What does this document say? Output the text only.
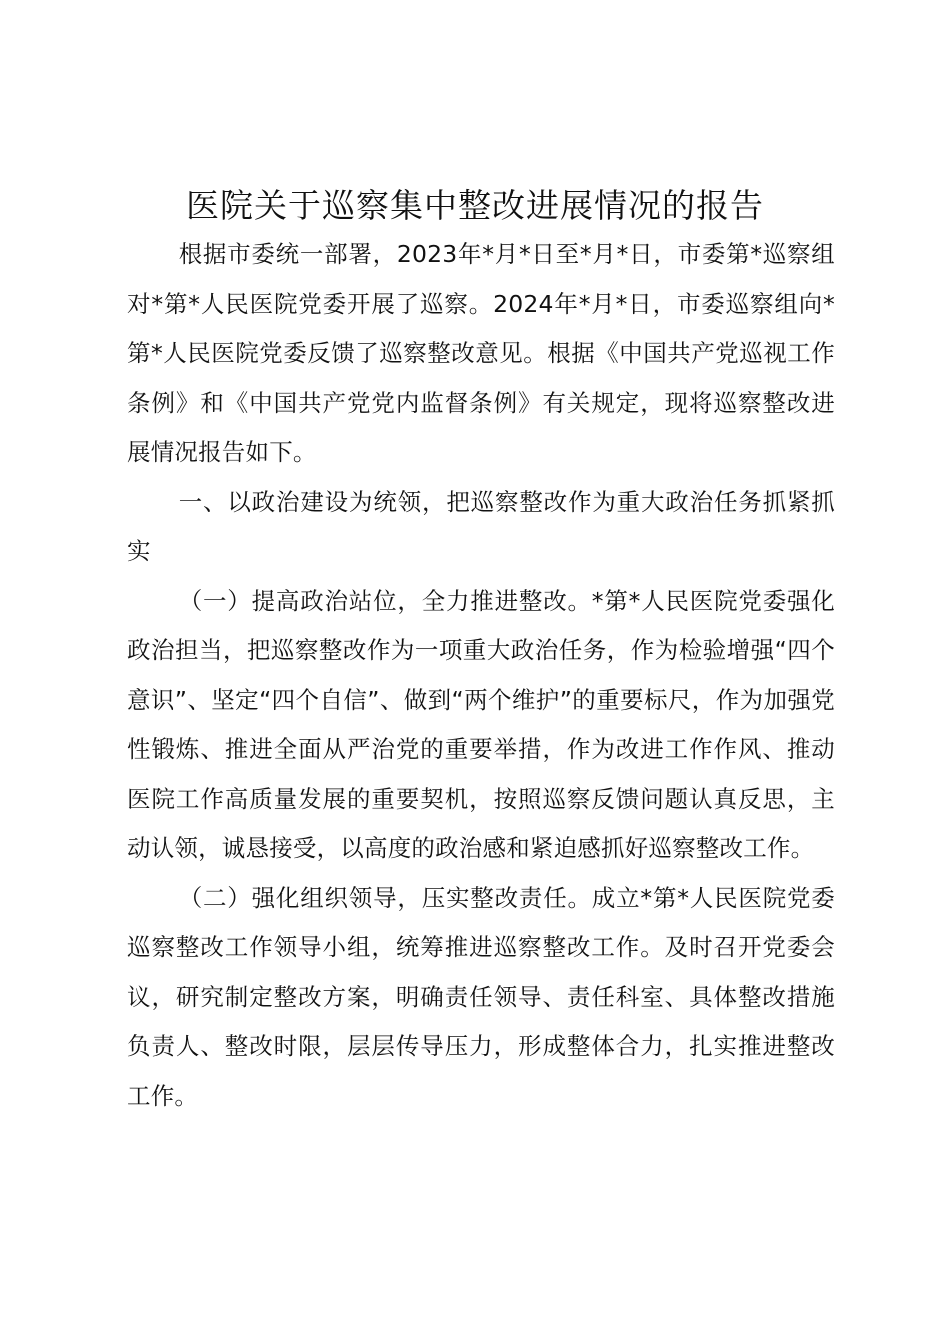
医院关于巡察集中整改进展情况的报告

根据市委统一部署，2023年*月*日至*月*日，市委第*巡察组对*第*人民医院党委开展了巡察。2024年*月*日，市委巡察组向*第*人民医院党委反馈了巡察整改意见。根据《中国共产党巡视工作条例》和《中国共产党党内监督条例》有关规定，现将巡察整改进展情况报告如下。

一、以政治建设为统领，把巡察整改作为重大政治任务抓紧抓实

（一）提高政治站位，全力推进整改。*第*人民医院党委强化政治担当，把巡察整改作为一项重大政治任务，作为检验增强“四个意识”、坚定“四个自信”、做到“两个维护”的重要标尺，作为加强党性锻炼、推进全面从严治党的重要举措，作为改进工作作风、推动医院工作高质量发展的重要契机，按照巡察反馈问题认真反思，主动认领，诚恳接受，以高度的政治感和紧迫感抓好巡察整改工作。

（二）强化组织领导，压实整改责任。成立*第*人民医院党委巡察整改工作领导小组，统筹推进巡察整改工作。及时召开党委会议，研究制定整改方案，明确责任领导、责任科室、具体整改措施负责人、整改时限，层层传导压力，形成整体合力，扎实推进整改工作。
